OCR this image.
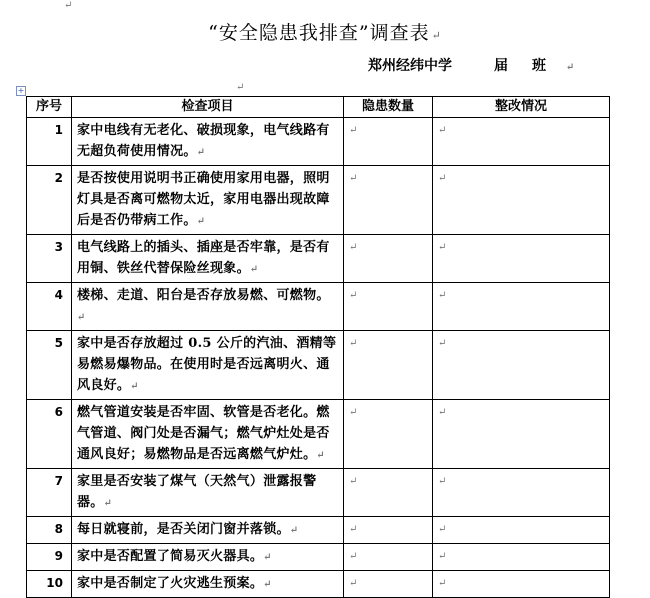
↵
“安全隐患我排查”调查表 ↵
郑州经纬中学	届 班 ↵
↵
+
序号	检查项目	隐患数量	整改情况
1	家中电线有无老化、破损现象，电气线路有无超负荷使用情况。↵	↵	↵
2	是否按使用说明书正确使用家用电器，照明灯具是否离可燃物太近，家用电器出现故障后是否仍带病工作。↵	↵	↵
3	电气线路上的插头、插座是否牢靠，是否有用铜、铁丝代替保险丝现象。↵	↵	↵
4	楼梯、走道、阳台是否存放易燃、可燃物。↵	↵	↵
5	家中是否存放超过 0.5 公斤的汽油、酒精等易燃易爆物品。在使用时是否远离明火、通风良好。↵	↵	↵
6	燃气管道安装是否牢固、软管是否老化。燃气管道、阀门处是否漏气；燃气炉灶处是否通风良好；易燃物品是否远离燃气炉灶。↵	↵	↵
7	家里是否安装了煤气（天然气）泄露报警器。↵	↵	↵
8	每日就寝前，是否关闭门窗并落锁。↵	↵	↵
9	家中是否配置了简易灭火器具。↵	↵	↵
10	家中是否制定了火灾逃生预案。↵	↵	↵
